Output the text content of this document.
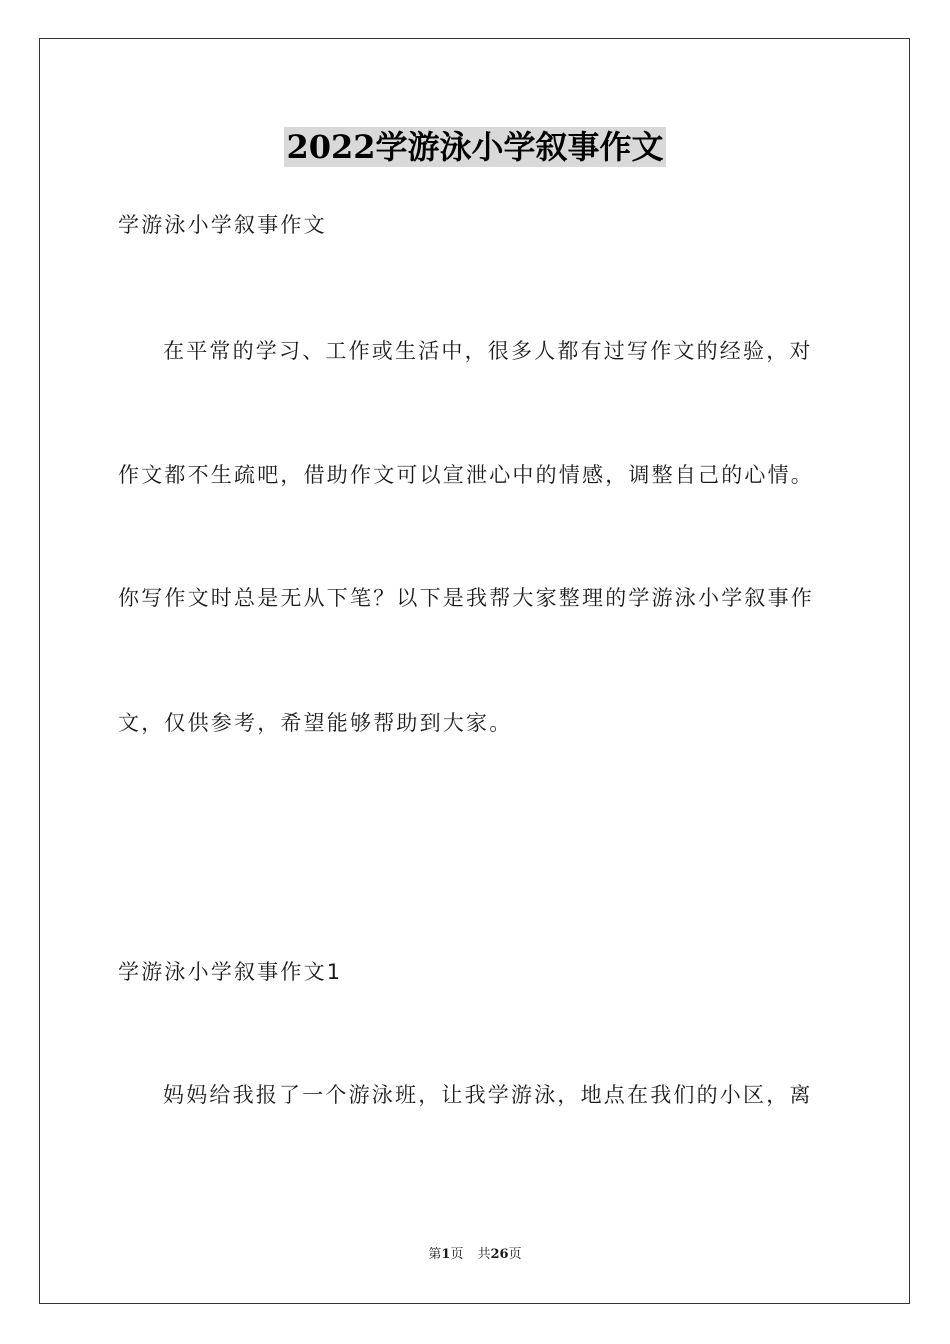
2022学游泳小学叙事作文
学游泳小学叙事作文
在平常的学习、工作或生活中，很多人都有过写作文的经验，对
作文都不生疏吧，借助作文可以宣泄心中的情感，调整自己的心情。
你写作文时总是无从下笔？以下是我帮大家整理的学游泳小学叙事作
文，仅供参考，希望能够帮助到大家。
学游泳小学叙事作文1
妈妈给我报了一个游泳班，让我学游泳，地点在我们的小区，离
第1页 共26页
